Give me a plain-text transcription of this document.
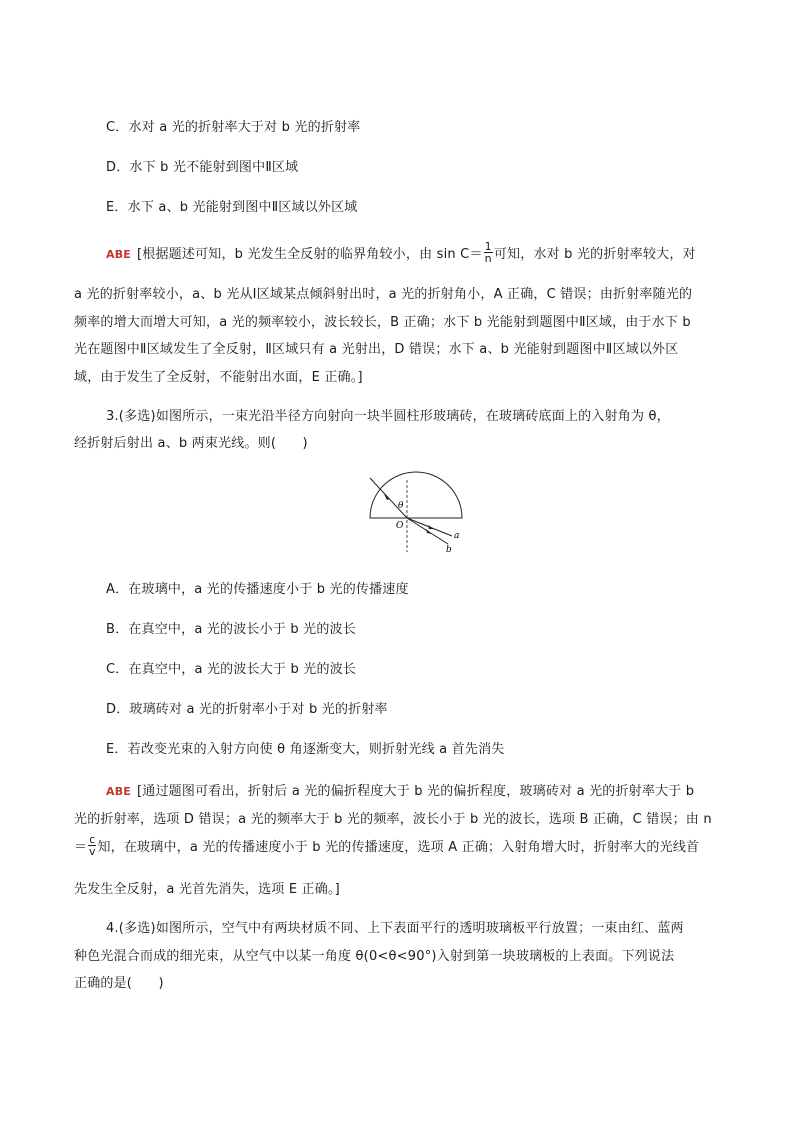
C．水对 a 光的折射率大于对 b 光的折射率
D．水下 b 光不能射到图中Ⅱ区域
E．水下 a、b 光能射到图中Ⅱ区域以外区域
ABE [根据题述可知，b 光发生全反射的临界角较小，由 $\sin C= \frac{1}{n}$ 可知，水对 b 光的折射率较大，对
a 光的折射率较小，a、b 光从Ⅰ区域某点倾斜射出时，a 光的折射角小，A 正确，C 错误；由折射率随光的
频率的增大而增大可知，a 光的频率较小，波长较长，B 正确；水下 b 光能射到题图中Ⅱ区域，由于水下 b
光在题图中Ⅱ区域发生了全反射，Ⅱ区域只有 a 光射出，D 错误；水下 a、b 光能射到题图中Ⅱ区域以外区
域，由于发生了全反射，不能射出水面，E 正确。]
3.(多选)如图所示，一束光沿半径方向射向一块半圆柱形玻璃砖，在玻璃砖底面上的入射角为 θ，
经折射后射出 a、b 两束光线。则(　　)
θ
O
a
b
A．在玻璃中，a 光的传播速度小于 b 光的传播速度
B．在真空中，a 光的波长小于 b 光的波长
C．在真空中，a 光的波长大于 b 光的波长
D．玻璃砖对 a 光的折射率小于对 b 光的折射率
E．若改变光束的入射方向使 θ 角逐渐变大，则折射光线 a 首先消失
ABE [通过题图可看出，折射后 a 光的偏折程度大于 b 光的偏折程度，玻璃砖对 a 光的折射率大于 b
光的折射率，选项 D 错误；a 光的频率大于 b 光的频率，波长小于 b 光的波长，选项 B 正确，C 错误；由 n
＝ $\frac{c}{v}$ 知，在玻璃中，a 光的传播速度小于 b 光的传播速度，选项 A 正确；入射角增大时，折射率大的光线首
先发生全反射，a 光首先消失，选项 E 正确。]
4.(多选)如图所示，空气中有两块材质不同、上下表面平行的透明玻璃板平行放置；一束由红、蓝两
种色光混合而成的细光束，从空气中以某一角度 θ(0<θ<90°)入射到第一块玻璃板的上表面。下列说法
正确的是(　　)
